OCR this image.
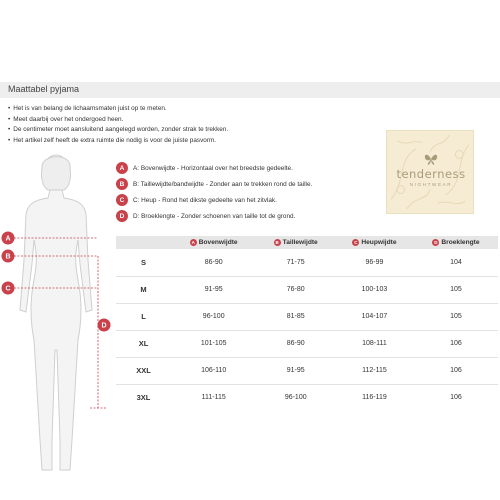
Maattabel pyjama
• Het is van belang de lichaamsmaten juist op te meten.
• Meet daarbij over het ondergoed heen.
• De centimeter moet aansluitend aangelegd worden, zonder strak te trekken.
• Het artikel zelf heeft de extra ruimte die nodig is voor de juiste pasvorm.
tenderness
NIGHTWEAR
A	A: Bovenwijdte - Horizontaal over het breedste gedeelte.
B	B: Taillewijdte/bandwijdte - Zonder aan te trekken rond de taille.
C	C: Heup - Rond het dikste gedeelte van het zitvlak.
D	D: Broeklengte - Zonder schoenen van taille tot de grond.
A
B
C
D

A Bovenwijdte	B Taillewijdte	C Heupwijdte	D Broeklengte

S	86-90	71-75	96-99	104
M	91-95	76-80	100-103	105
L	96-100	81-85	104-107	105
XL	101-105	86-90	108-111	106
XXL	106-110	91-95	112-115	106
3XL	111-115	96-100	116-119	106
